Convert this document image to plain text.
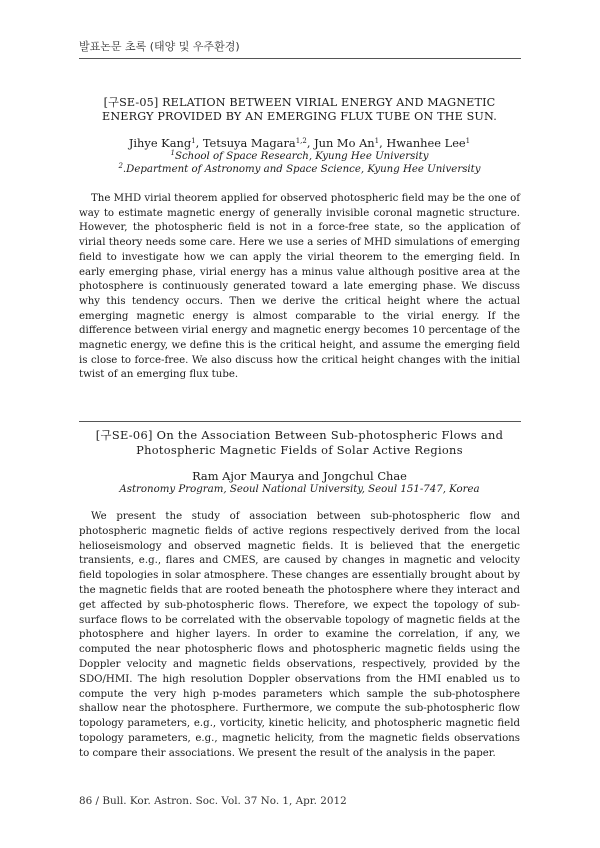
발표논문 초록 (태양 및 우주환경)

[구SE-05] RELATION BETWEEN VIRIAL ENERGY AND MAGNETIC ENERGY PROVIDED BY AN EMERGING FLUX TUBE ON THE SUN.

Jihye Kang$^1$, Tetsuya Magara$^{1,2}$, Jun Mo An$^1$, Hwanhee Lee$^1$

$^1$School of Space Research, Kyung Hee University

$^2$.Department of Astronomy and Space Science, Kyung Hee University

The MHD virial theorem applied for observed photospheric field may be the one of way to estimate magnetic energy of generally invisible coronal magnetic structure. However, the photospheric field is not in a force-free state, so the application of virial theory needs some care. Here we use a series of MHD simulations of emerging field to investigate how we can apply the virial theorem to the emerging field. In early emerging phase, virial energy has a minus value although positive area at the photosphere is continuously generated toward a late emerging phase. We discuss why this tendency occurs. Then we derive the critical height where the actual emerging magnetic energy is almost comparable to the virial energy. If the difference between virial energy and magnetic energy becomes 10 percentage of the magnetic energy, we define this is the critical height, and assume the emerging field is close to force-free. We also discuss how the critical height changes with the initial twist of an emerging flux tube.

[구SE-06] On the Association Between Sub-photospheric Flows and Photospheric Magnetic Fields of Solar Active Regions

Ram Ajor Maurya and Jongchul Chae

Astronomy Program, Seoul National University, Seoul 151-747, Korea

We present the study of association between sub-photospheric flow and photospheric magnetic fields of active regions respectively derived from the local helioseismology and observed magnetic fields. It is believed that the energetic transients, e.g., flares and CMES, are caused by changes in magnetic and velocity field topologies in solar atmosphere. These changes are essentially brought about by the magnetic fields that are rooted beneath the photosphere where they interact and get affected by sub-photospheric flows. Therefore, we expect the topology of sub-surface flows to be correlated with the observable topology of magnetic fields at the photosphere and higher layers. In order to examine the correlation, if any, we computed the near photospheric flows and photospheric magnetic fields using the Doppler velocity and magnetic fields observations, respectively, provided by the SDO/HMI. The high resolution Doppler observations from the HMI enabled us to compute the very high p-modes parameters which sample the sub-photosphere shallow near the photosphere. Furthermore, we compute the sub-photospheric flow topology parameters, e.g., vorticity, kinetic helicity, and photospheric magnetic field topology parameters, e.g., magnetic helicity, from the magnetic fields observations to compare their associations. We present the result of the analysis in the paper.

86 / Bull. Kor. Astron. Soc. Vol. 37 No. 1, Apr. 2012
